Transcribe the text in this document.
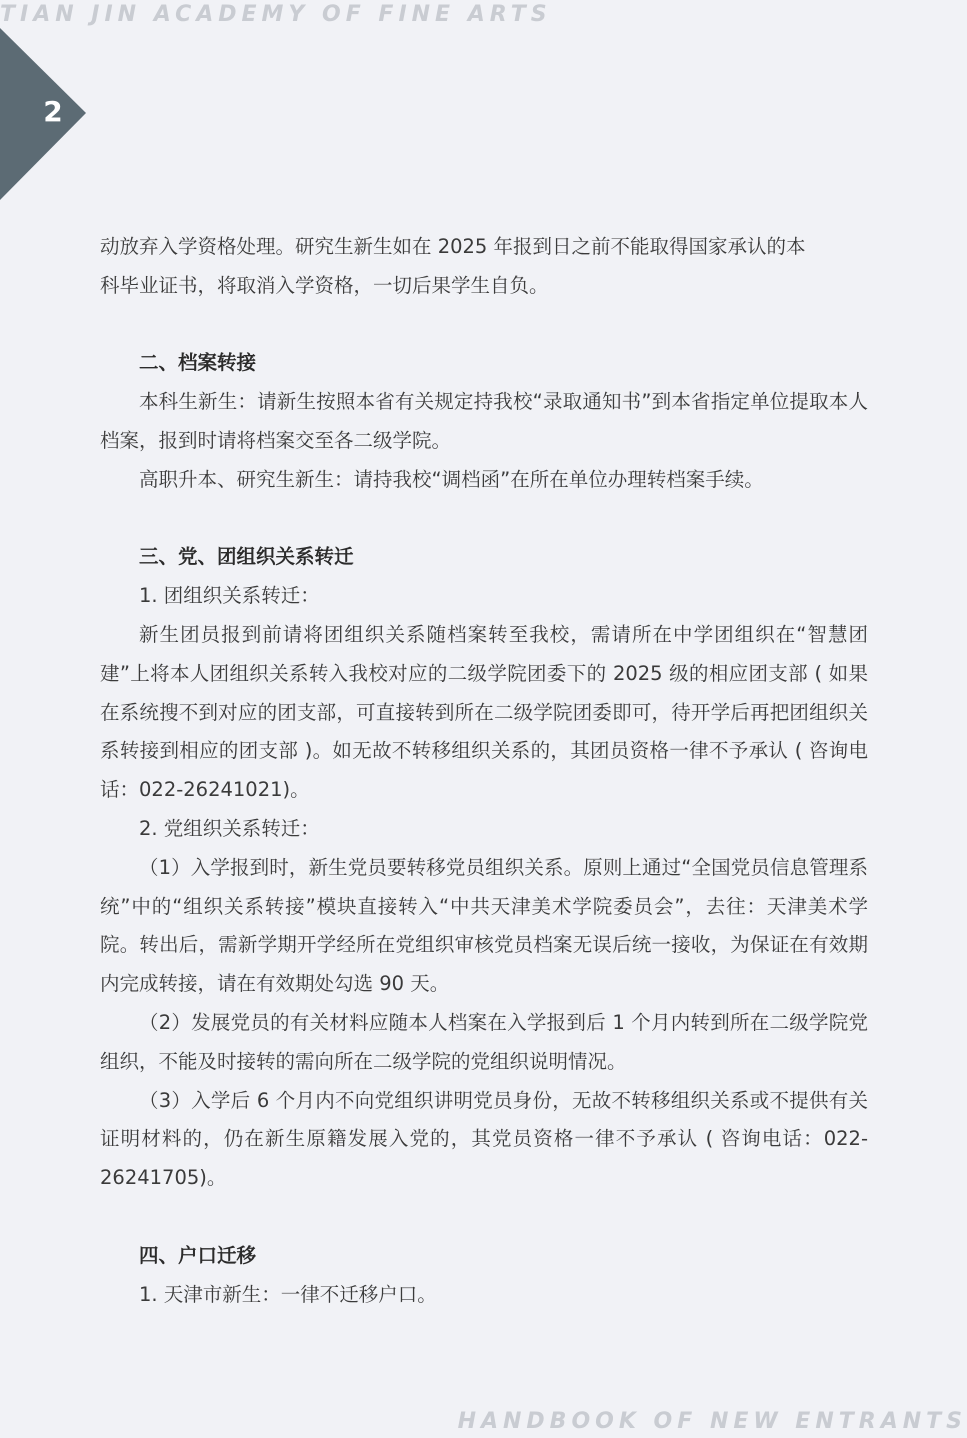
TIAN JIN ACADEMY OF FINE ARTS
2

动放弃入学资格处理。研究生新生如在 2025 年报到日之前不能取得国家承认的本

科毕业证书，将取消入学资格，一切后果学生自负。

二、档案转接

本科生新生：请新生按照本省有关规定持我校“录取通知书”到本省指定单位提取本人档案，报到时请将档案交至各二级学院。

高职升本、研究生新生：请持我校“调档函”在所在单位办理转档案手续。

三、党、团组织关系转迁

1. 团组织关系转迁：

新生团员报到前请将团组织关系随档案转至我校，需请所在中学团组织在“智慧团建”上将本人团组织关系转入我校对应的二级学院团委下的 2025 级的相应团支部 ( 如果在系统搜不到对应的团支部，可直接转到所在二级学院团委即可，待开学后再把团组织关系转接到相应的团支部 )。如无故不转移组织关系的，其团员资格一律不予承认 ( 咨询电话：022-26241021)。

2. 党组织关系转迁：

（1）入学报到时，新生党员要转移党员组织关系。原则上通过“全国党员信息管理系统”中的“组织关系转接”模块直接转入“中共天津美术学院委员会”，去往：天津美术学院。转出后，需新学期开学经所在党组织审核党员档案无误后统一接收，为保证在有效期内完成转接，请在有效期处勾选 90 天。

（2）发展党员的有关材料应随本人档案在入学报到后 1 个月内转到所在二级学院党组织，不能及时接转的需向所在二级学院的党组织说明情况。

（3）入学后 6 个月内不向党组织讲明党员身份，无故不转移组织关系或不提供有关证明材料的，仍在新生原籍发展入党的，其党员资格一律不予承认 ( 咨询电话：022-26241705)。

四、户口迁移

1. 天津市新生：一律不迁移户口。

HANDBOOK OF NEW ENTRANTS
